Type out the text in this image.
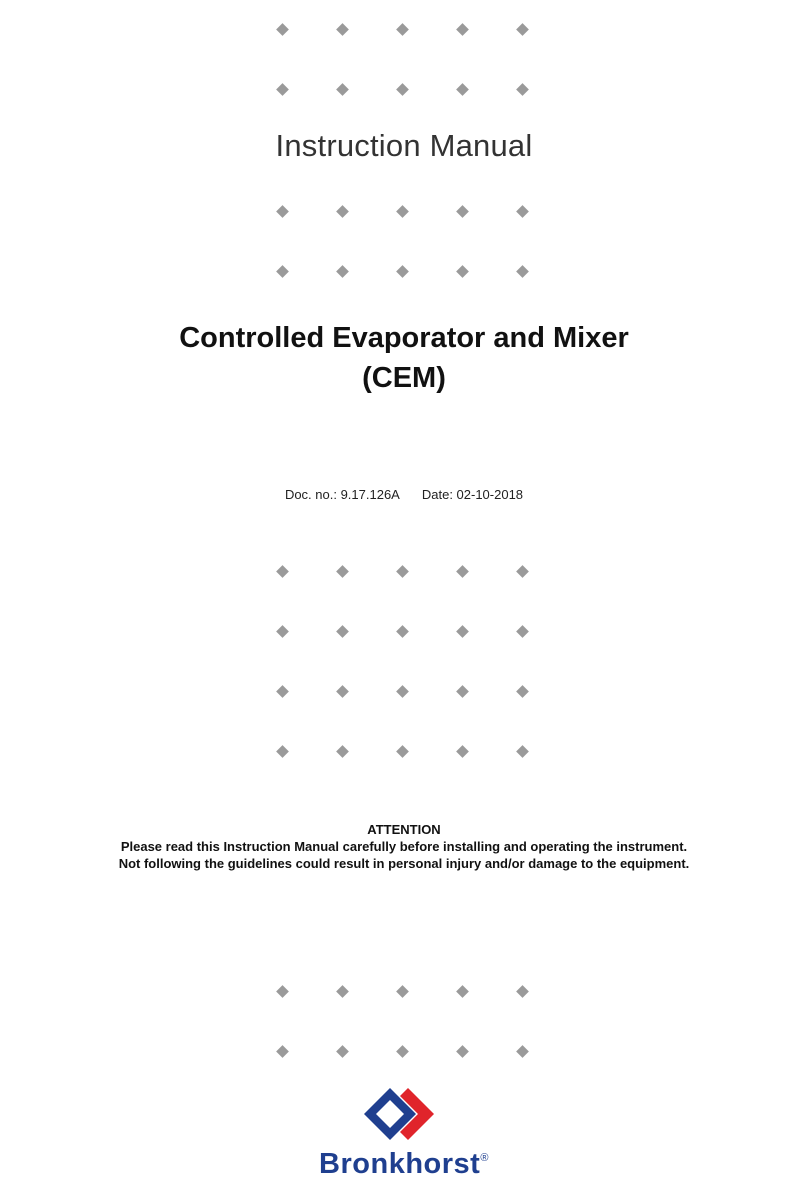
Instruction Manual
Controlled Evaporator and Mixer
(CEM)
Doc. no.: 9.17.126A Date: 02-10-2018
ATTENTION
Please read this Instruction Manual carefully before installing and operating the instrument.
Not following the guidelines could result in personal injury and/or damage to the equipment.
Bronkhorst®
